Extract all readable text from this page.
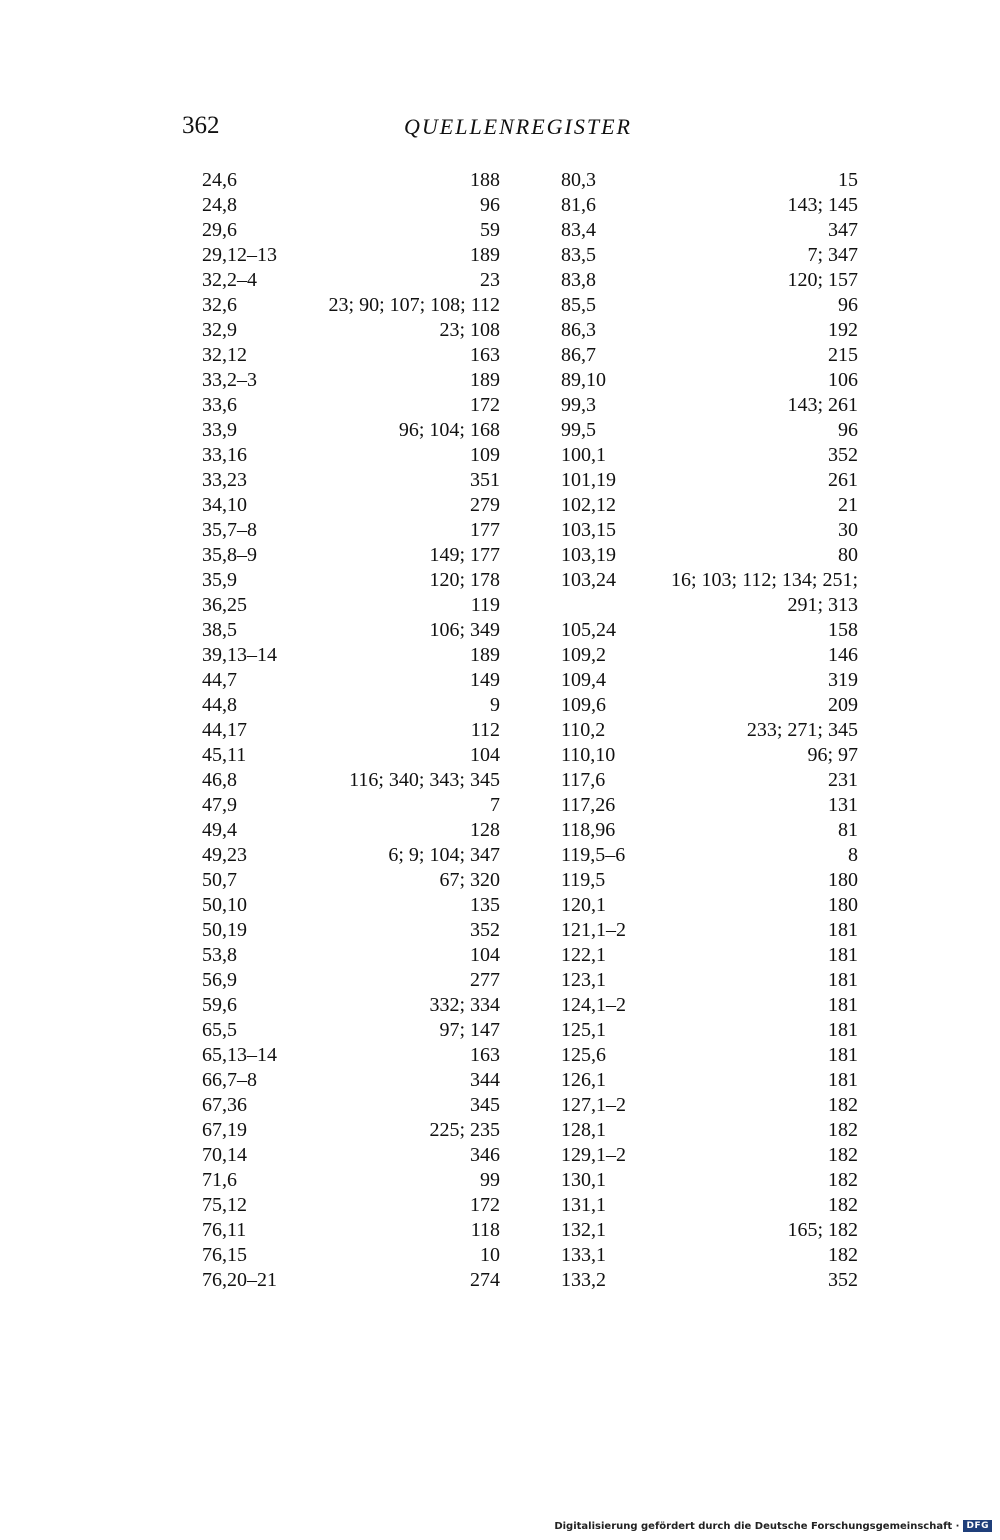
362	QUELLENREGISTER
24,6	188
24,8	96
29,6	59
29,12–13	189
32,2–4	23
32,6	23; 90; 107; 108; 112
32,9	23; 108
32,12	163
33,2–3	189
33,6	172
33,9	96; 104; 168
33,16	109
33,23	351
34,10	279
35,7–8	177
35,8–9	149; 177
35,9	120; 178
36,25	119
38,5	106; 349
39,13–14	189
44,7	149
44,8	9
44,17	112
45,11	104
46,8	116; 340; 343; 345
47,9	7
49,4	128
49,23	6; 9; 104; 347
50,7	67; 320
50,10	135
50,19	352
53,8	104
56,9	277
59,6	332; 334
65,5	97; 147
65,13–14	163
66,7–8	344
67,36	345
67,19	225; 235
70,14	346
71,6	99
75,12	172
76,11	118
76,15	10
76,20–21	274
80,3	15
81,6	143; 145
83,4	347
83,5	7; 347
83,8	120; 157
85,5	96
86,3	192
86,7	215
89,10	106
99,3	143; 261
99,5	96
100,1	352
101,19	261
102,12	21
103,15	30
103,19	80
103,24	16; 103; 112; 134; 251;
291; 313
105,24	158
109,2	146
109,4	319
109,6	209
110,2	233; 271; 345
110,10	96; 97
117,6	231
117,26	131
118,96	81
119,5–6	8
119,5	180
120,1	180
121,1–2	181
122,1	181
123,1	181
124,1–2	181
125,1	181
125,6	181
126,1	181
127,1–2	182
128,1	182
129,1–2	182
130,1	182
131,1	182
132,1	165; 182
133,1	182
133,2	352
Digitalisierung gefördert durch die Deutsche Forschungsgemeinschaft · DFG
